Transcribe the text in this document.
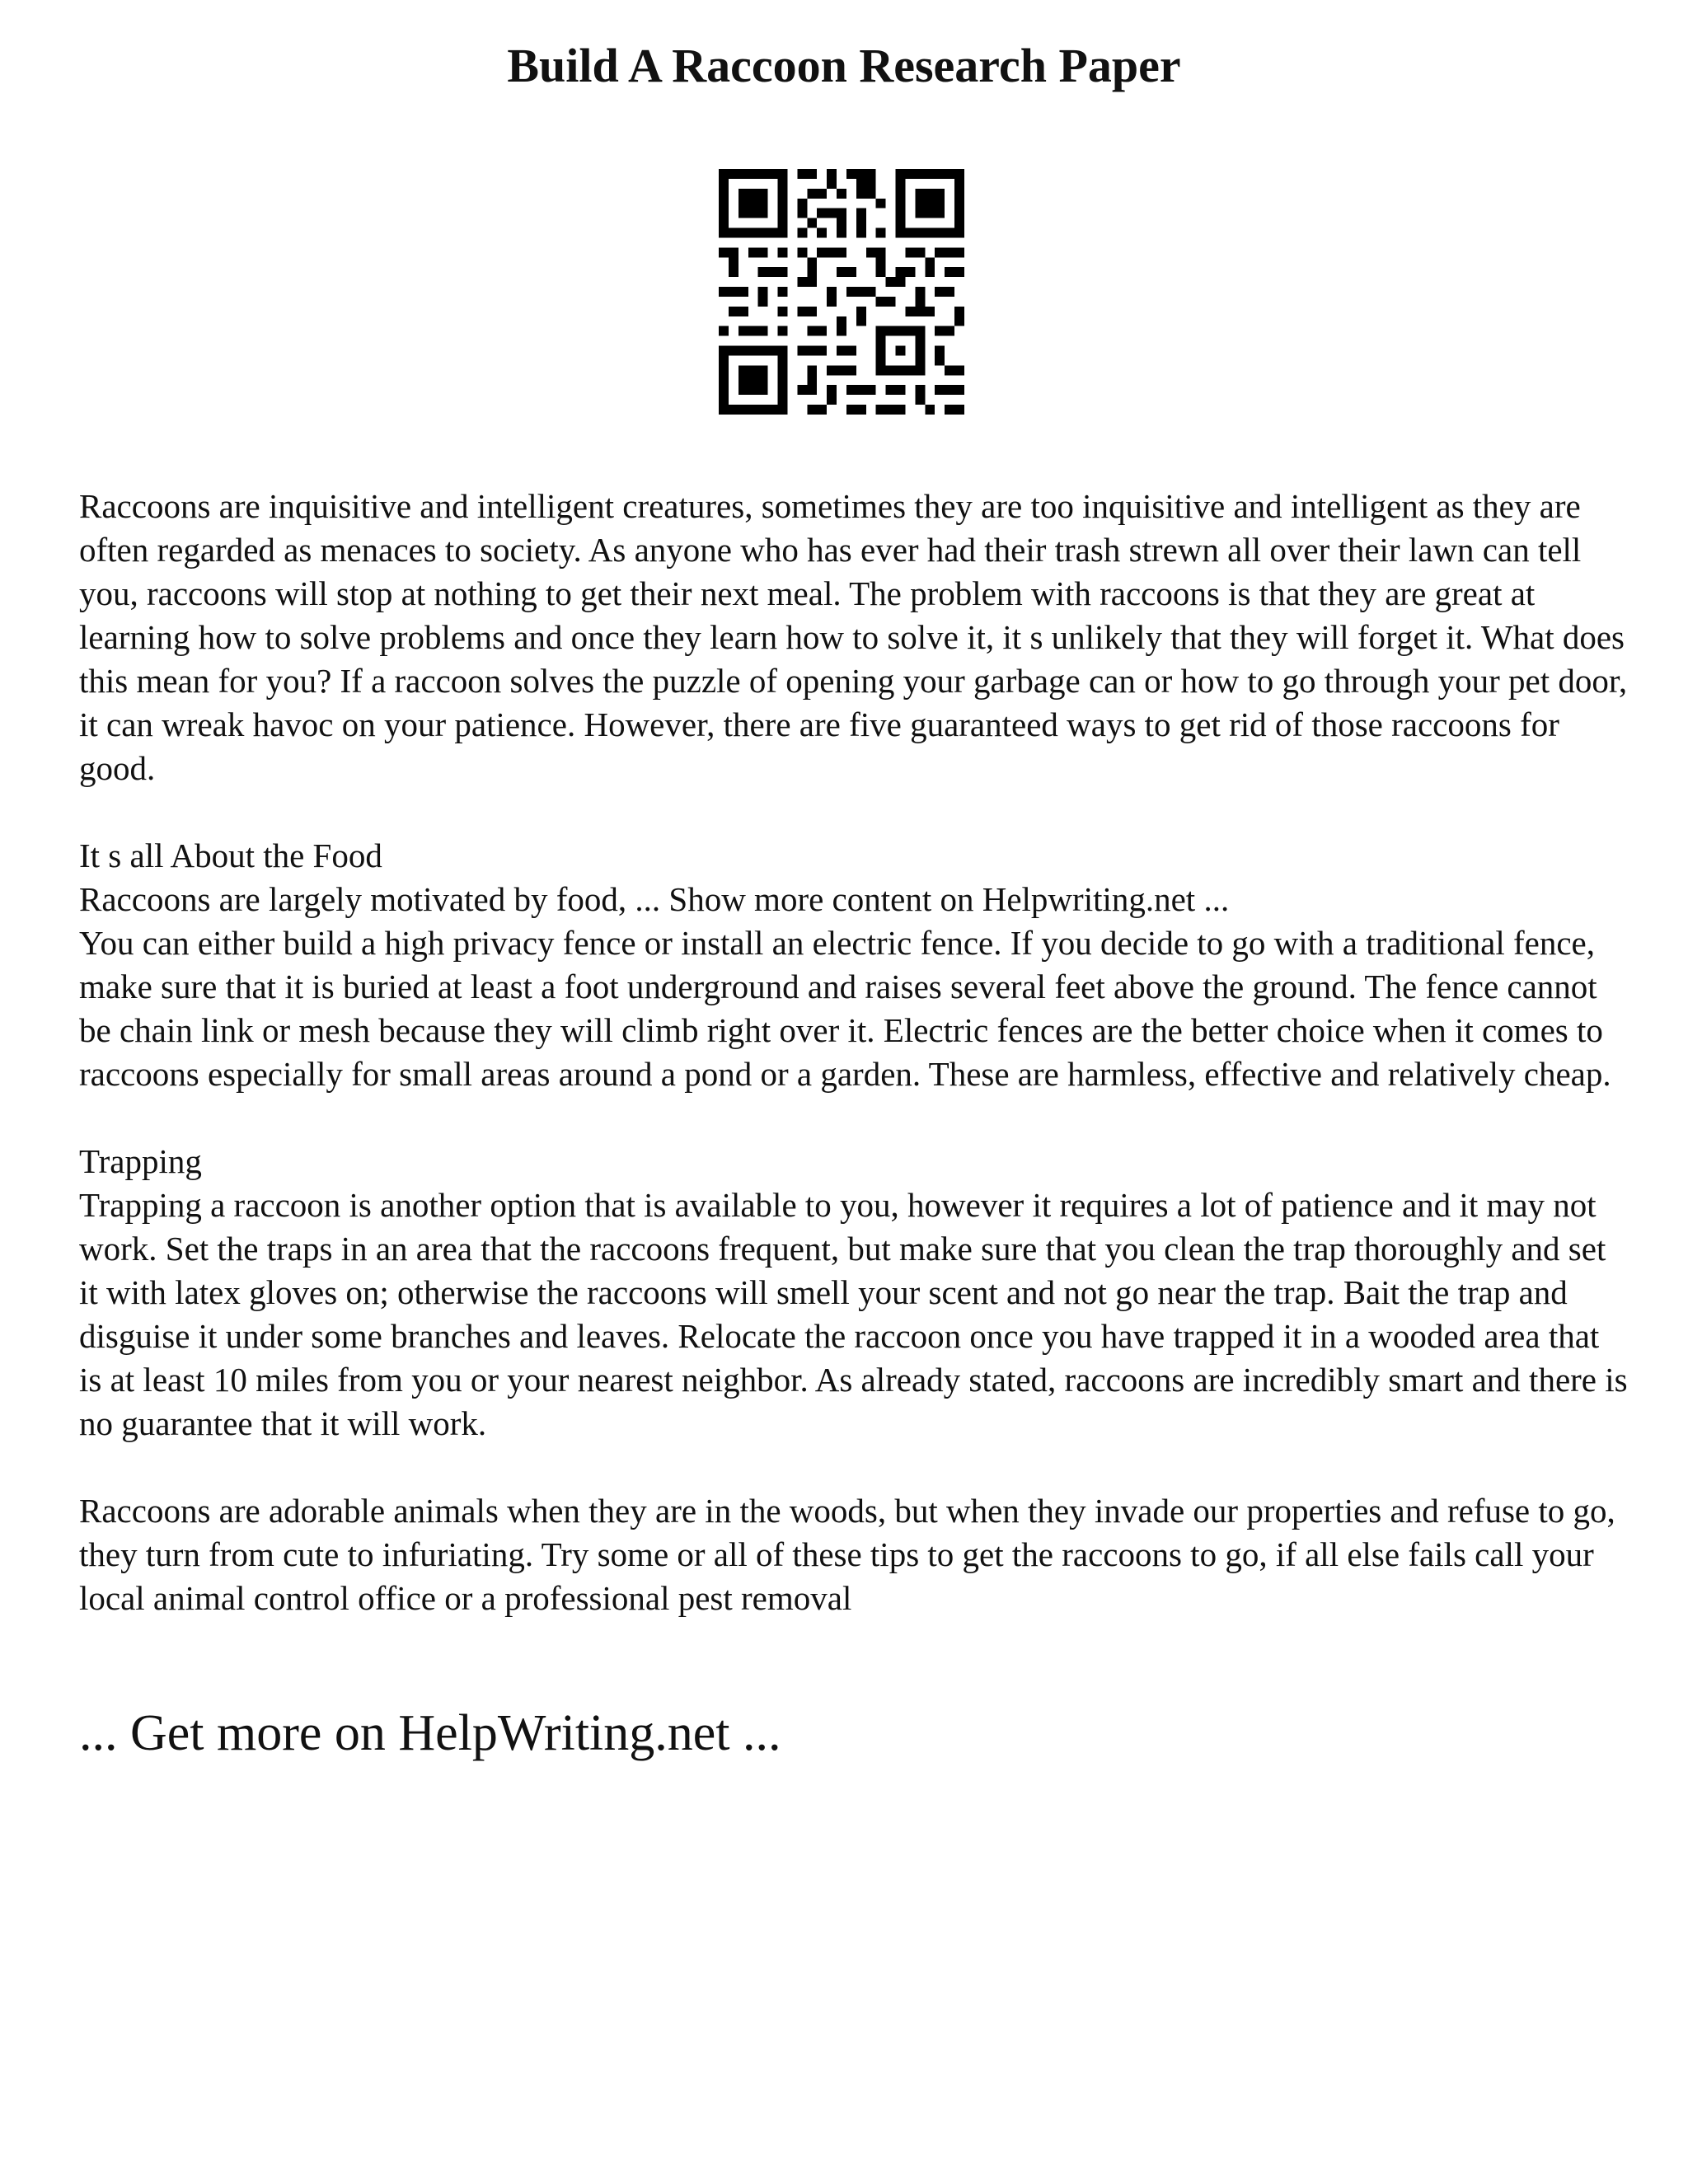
Build A Raccoon Research Paper

Raccoons are inquisitive and intelligent creatures, sometimes they are too inquisitive and intelligent as they are often regarded as menaces to society. As anyone who has ever had their trash strewn all over their lawn can tell you, raccoons will stop at nothing to get their next meal. The problem with raccoons is that they are great at learning how to solve problems and once they learn how to solve it, it s unlikely that they will forget it. What does this mean for you? If a raccoon solves the puzzle of opening your garbage can or how to go through your pet door, it can wreak havoc on your patience. However, there are five guaranteed ways to get rid of those raccoons for good.

It s all About the Food

Raccoons are largely motivated by food, ... Show more content on Helpwriting.net ...

You can either build a high privacy fence or install an electric fence. If you decide to go with a traditional fence, make sure that it is buried at least a foot underground and raises several feet above the ground. The fence cannot be chain link or mesh because they will climb right over it. Electric fences are the better choice when it comes to raccoons especially for small areas around a pond or a garden. These are harmless, effective and relatively cheap.

Trapping

Trapping a raccoon is another option that is available to you, however it requires a lot of patience and it may not work. Set the traps in an area that the raccoons frequent, but make sure that you clean the trap thoroughly and set it with latex gloves on; otherwise the raccoons will smell your scent and not go near the trap. Bait the trap and disguise it under some branches and leaves. Relocate the raccoon once you have trapped it in a wooded area that is at least 10 miles from you or your nearest neighbor. As already stated, raccoons are incredibly smart and there is no guarantee that it will work.

Raccoons are adorable animals when they are in the woods, but when they invade our properties and refuse to go, they turn from cute to infuriating. Try some or all of these tips to get the raccoons to go, if all else fails call your local animal control office or a professional pest removal

... Get more on HelpWriting.net ...
